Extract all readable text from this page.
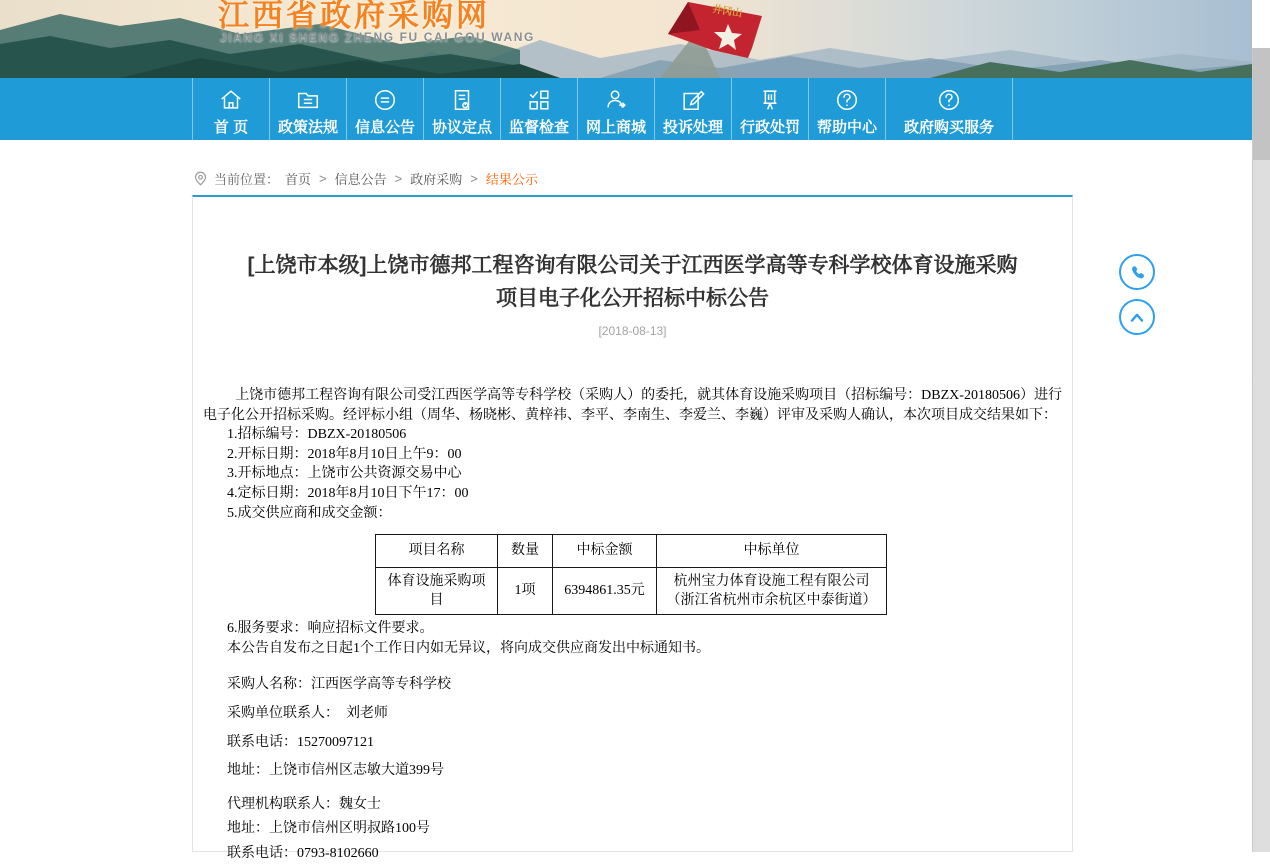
井冈山
江西省政府采购网
JIANG XI SHENG ZHENG FU CAI GOU WANG
首 页 政策法规 信息公告 协议定点 监督检查 网上商城 投诉处理 行政处罚 帮助中心 政府购买服务
当前位置： 首页 > 信息公告 > 政府采购 > 结果公示
[上饶市本级]上饶市德邦工程咨询有限公司关于江西医学高等专科学校体育设施采购
项目电子化公开招标中标公告
[2018-08-13]

上饶市德邦工程咨询有限公司受江西医学高等专科学校（采购人）的委托，就其体育设施采购项目（招标编号：DBZX-20180506）进行电子化公开招标采购。经评标小组（周华、杨晓彬、黄梓祎、李平、李南生、李爱兰、李巍）评审及采购人确认，本次项目成交结果如下：

1.招标编号：DBZX-20180506
2.开标日期：2018年8月10日上午9：00
3.开标地点：上饶市公共资源交易中心
4.定标日期：2018年8月10日下午17：00
5.成交供应商和成交金额：
项目名称	数量	中标金额	中标单位
体育设施采购项目	1项	6394861.35元	杭州宝力体育设施工程有限公司（浙江省杭州市余杭区中泰街道）
6.服务要求：响应招标文件要求。
本公告自发布之日起1个工作日内如无异议，将向成交供应商发出中标通知书。

采购人名称：江西医学高等专科学校

采购单位联系人：  刘老师

联系电话：15270097121

地址：上饶市信州区志敏大道399号

代理机构联系人：魏女士

地址：上饶市信州区明叔路100号

联系电话：0793-8102660
